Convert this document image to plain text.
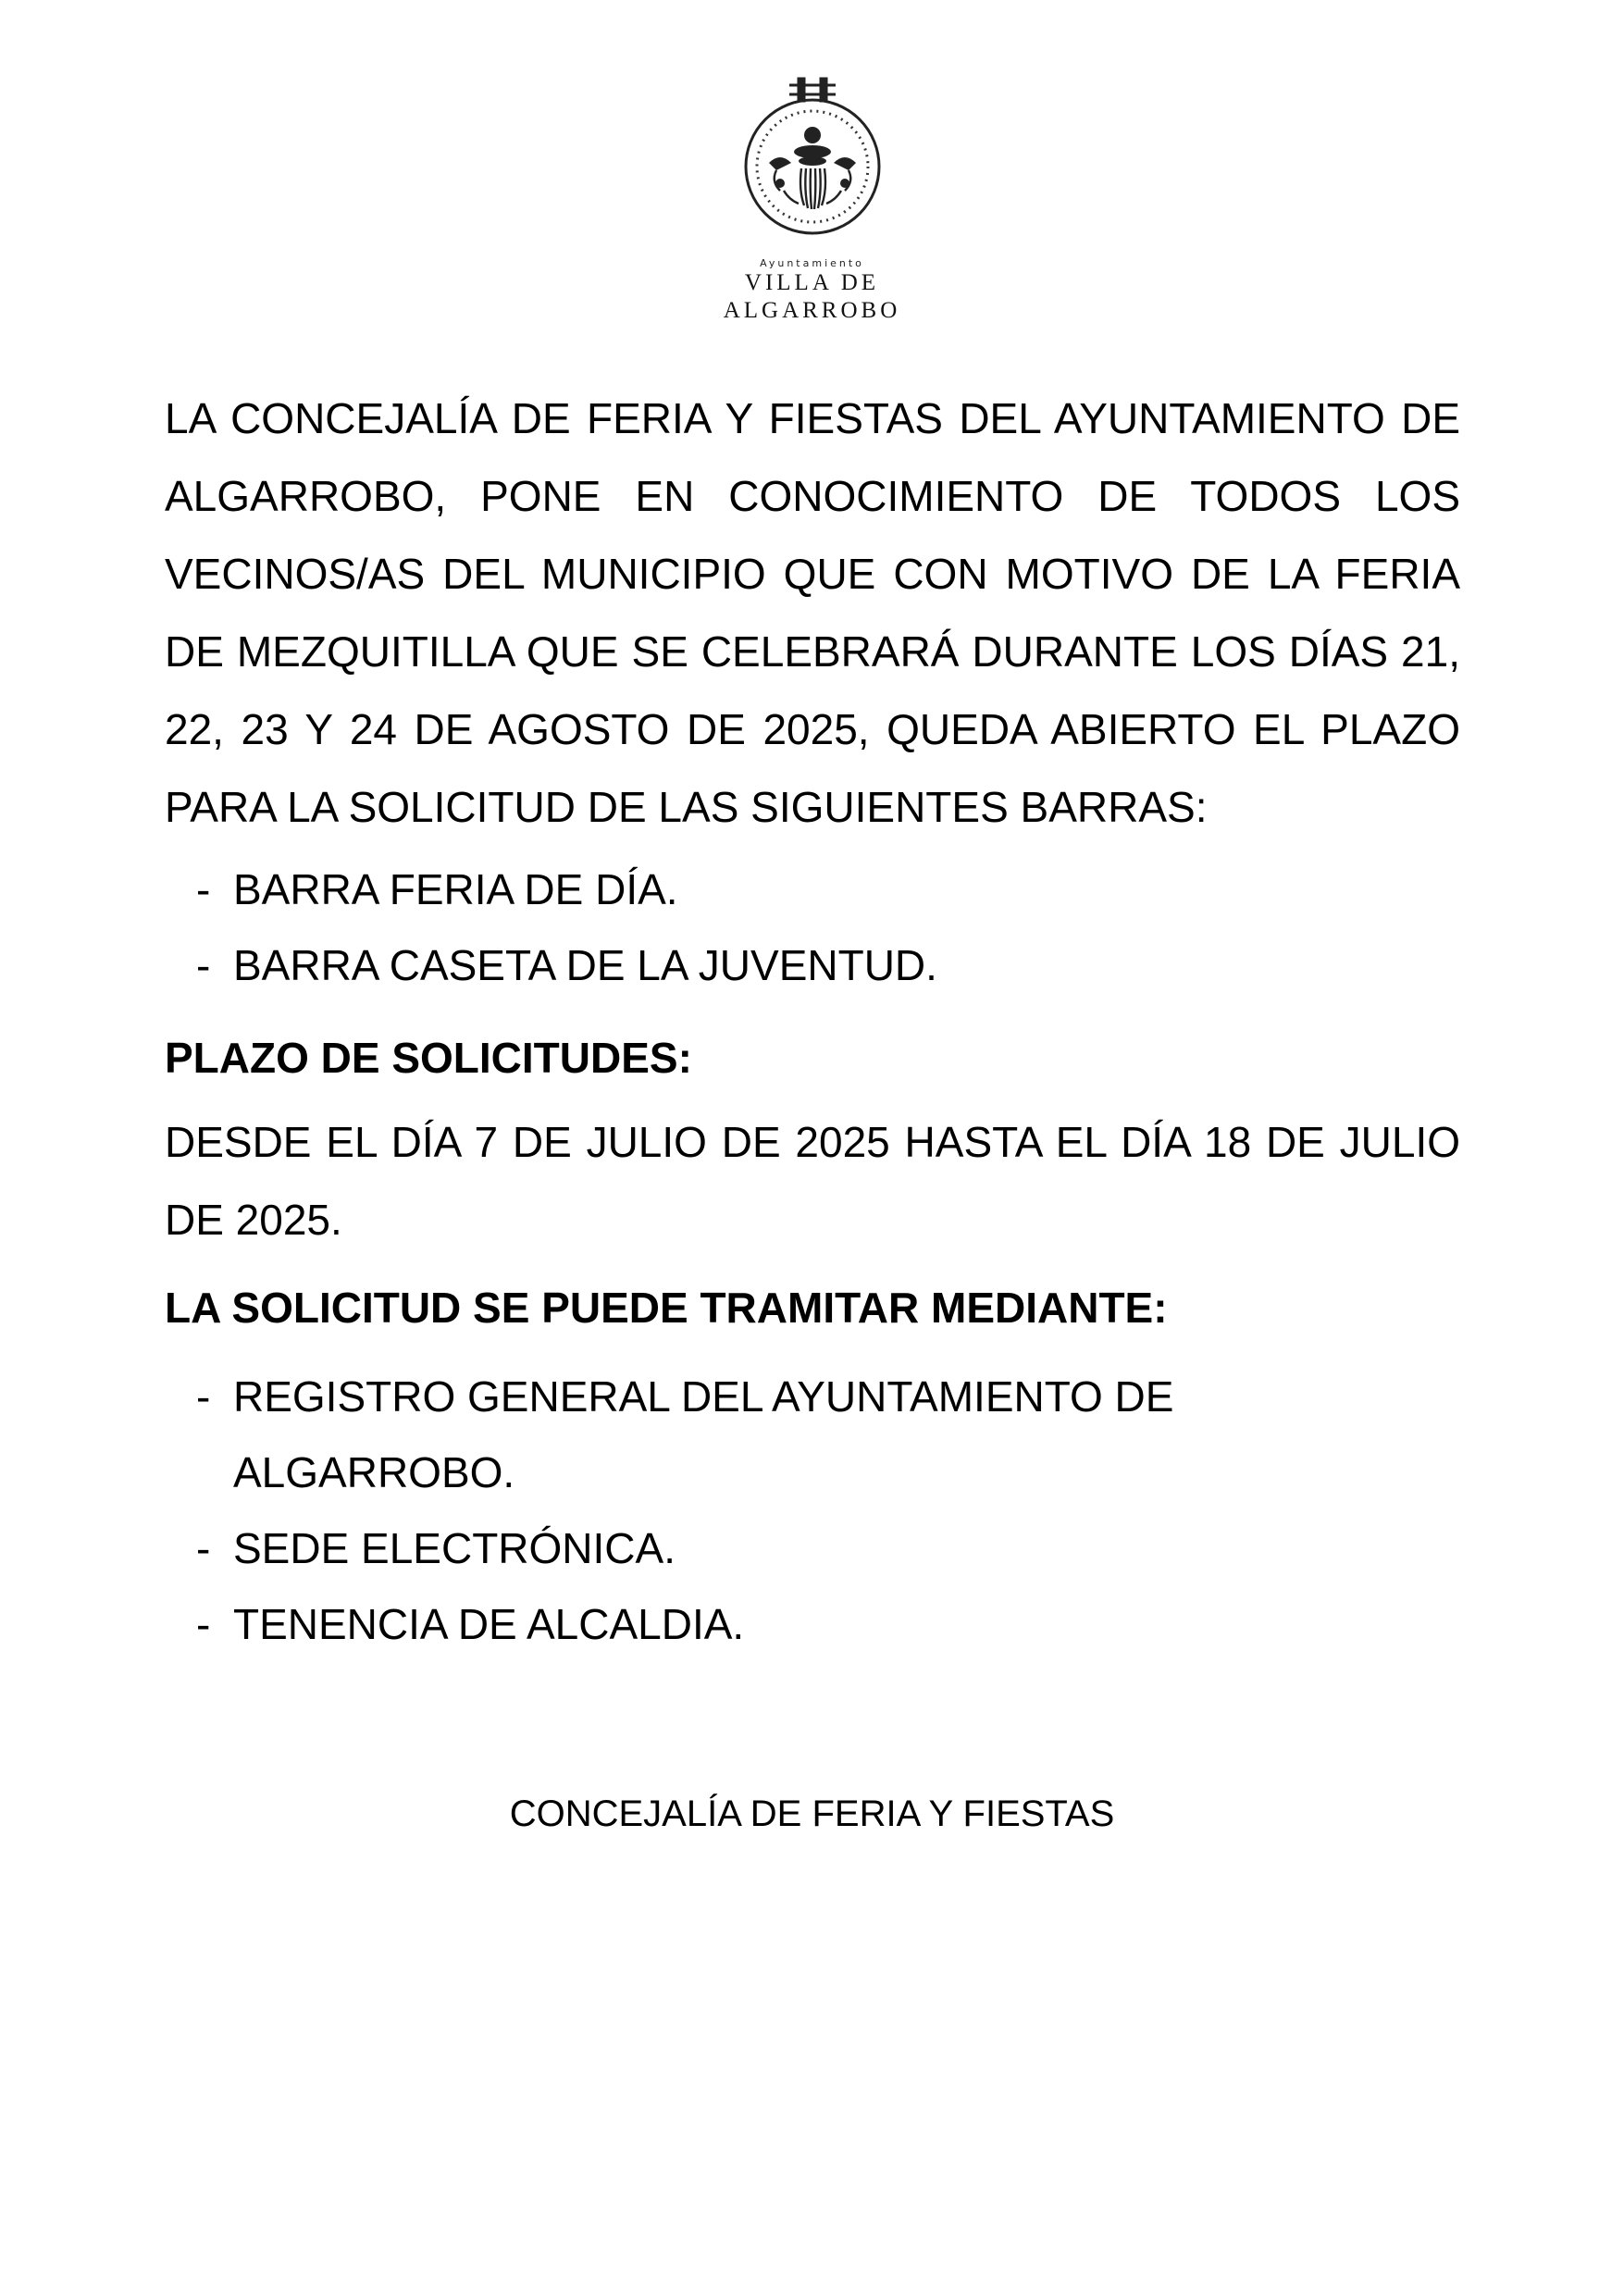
Ayuntamiento
VILLA DE
ALGARROBO

LA CONCEJALÍA DE FERIA Y FIESTAS DEL AYUNTAMIENTO DE ALGARROBO, PONE EN CONOCIMIENTO DE TODOS LOS VECINOS/AS DEL MUNICIPIO QUE CON MOTIVO DE LA FERIA DE MEZQUITILLA QUE SE CELEBRARÁ DURANTE LOS DÍAS 21, 22, 23 Y 24 DE AGOSTO DE 2025, QUEDA ABIERTO EL PLAZO PARA LA SOLICITUD DE LAS SIGUIENTES BARRAS:

- BARRA FERIA DE DÍA.
- BARRA CASETA DE LA JUVENTUD.

PLAZO DE SOLICITUDES:

DESDE EL DÍA 7 DE JULIO DE 2025 HASTA EL DÍA 18 DE JULIO DE 2025.

LA SOLICITUD SE PUEDE TRAMITAR MEDIANTE:

- REGISTRO GENERAL DEL AYUNTAMIENTO DE ALGARROBO.
- SEDE ELECTRÓNICA.
- TENENCIA DE ALCALDIA.
CONCEJALÍA DE FERIA Y FIESTAS
